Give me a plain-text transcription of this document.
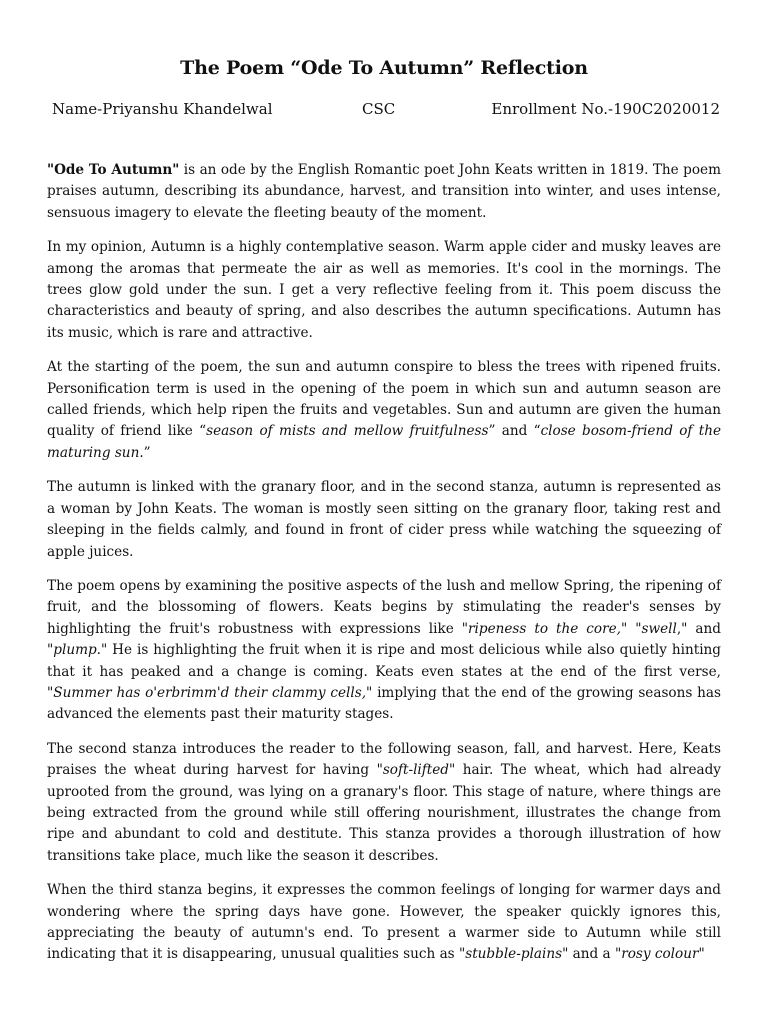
The Poem “Ode To Autumn” Reflection
Name-Priyanshu Khandelwal	CSC	Enrollment No.-190C2020012

"Ode To Autumn" is an ode by the English Romantic poet John Keats written in 1819. The poem praises autumn, describing its abundance, harvest, and transition into winter, and uses intense, sensuous imagery to elevate the fleeting beauty of the moment.

In my opinion, Autumn is a highly contemplative season. Warm apple cider and musky leaves are among the aromas that permeate the air as well as memories. It's cool in the mornings. The trees glow gold under the sun. I get a very reflective feeling from it. This poem discuss the characteristics and beauty of spring, and also describes the autumn specifications. Autumn has its music, which is rare and attractive.

At the starting of the poem, the sun and autumn conspire to bless the trees with ripened fruits. Personification term is used in the opening of the poem in which sun and autumn season are called friends, which help ripen the fruits and vegetables. Sun and autumn are given the human quality of friend like “season of mists and mellow fruitfulness” and “close bosom-friend of the maturing sun.”

The autumn is linked with the granary floor, and in the second stanza, autumn is represented as a woman by John Keats. The woman is mostly seen sitting on the granary floor, taking rest and sleeping in the fields calmly, and found in front of cider press while watching the squeezing of apple juices.

The poem opens by examining the positive aspects of the lush and mellow Spring, the ripening of fruit, and the blossoming of flowers. Keats begins by stimulating the reader's senses by highlighting the fruit's robustness with expressions like "ripeness to the core," "swell," and "plump." He is highlighting the fruit when it is ripe and most delicious while also quietly hinting that it has peaked and a change is coming. Keats even states at the end of the first verse, "Summer has o'erbrimm'd their clammy cells," implying that the end of the growing seasons has advanced the elements past their maturity stages.

The second stanza introduces the reader to the following season, fall, and harvest. Here, Keats praises the wheat during harvest for having "soft-lifted" hair. The wheat, which had already uprooted from the ground, was lying on a granary's floor. This stage of nature, where things are being extracted from the ground while still offering nourishment, illustrates the change from ripe and abundant to cold and destitute. This stanza provides a thorough illustration of how transitions take place, much like the season it describes.

When the third stanza begins, it expresses the common feelings of longing for warmer days and wondering where the spring days have gone. However, the speaker quickly ignores this, appreciating the beauty of autumn's end. To present a warmer side to Autumn while still indicating that it is disappearing, unusual qualities such as "stubble-plains" and a "rosy colour"
